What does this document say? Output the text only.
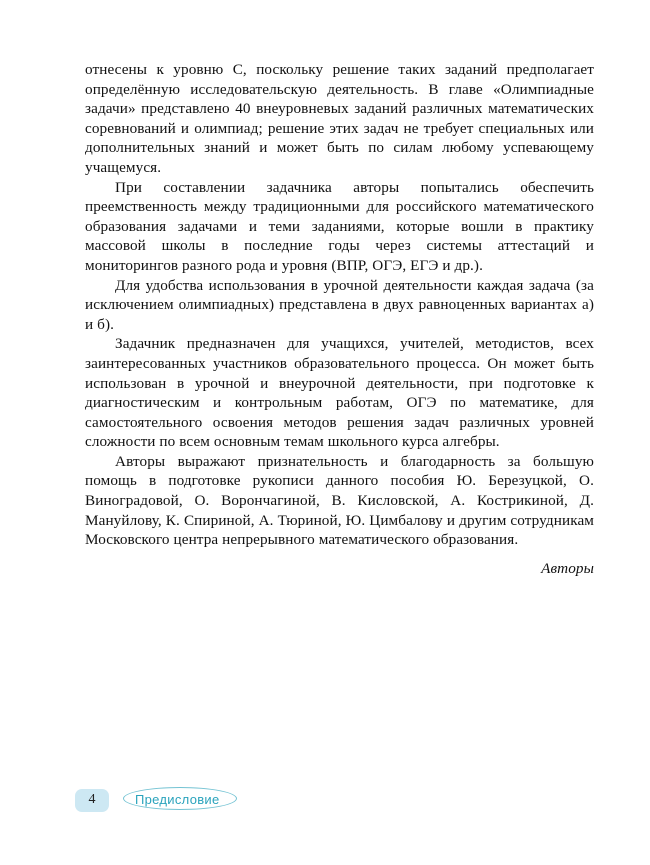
отнесены к уровню С, поскольку решение таких заданий предполагает определённую исследовательскую деятельность. В главе «Олимпиадные задачи» представлено 40 внеуровневых заданий различных математических соревнований и олимпиад; решение этих задач не требует специальных или дополнительных знаний и может быть по силам любому успевающему учащемуся.

При составлении задачника авторы попытались обеспечить преемственность между традиционными для российского математического образования задачами и теми заданиями, которые вошли в практику массовой школы в последние годы через системы аттестаций и мониторингов разного рода и уровня (ВПР, ОГЭ, ЕГЭ и др.).

Для удобства использования в урочной деятельности каждая задача (за исключением олимпиадных) представлена в двух равноценных вариантах а) и б).

Задачник предназначен для учащихся, учителей, методистов, всех заинтересованных участников образовательного процесса. Он может быть использован в урочной и внеурочной деятельности, при подготовке к диагностическим и контрольным работам, ОГЭ по математике, для самостоятельного освоения методов решения задач различных уровней сложности по всем основным темам школьного курса алгебры.

Авторы выражают признательность и благодарность за большую помощь в подготовке рукописи данного пособия Ю. Березуцкой, О. Виноградовой, О. Ворончагиной, В. Кисловской, А. Кострикиной, Д. Мануйлову, К. Спириной, А. Тюриной, Ю. Цимбалову и другим сотрудникам Московского центра непрерывного математического образования.

Авторы

4	Предисловие
